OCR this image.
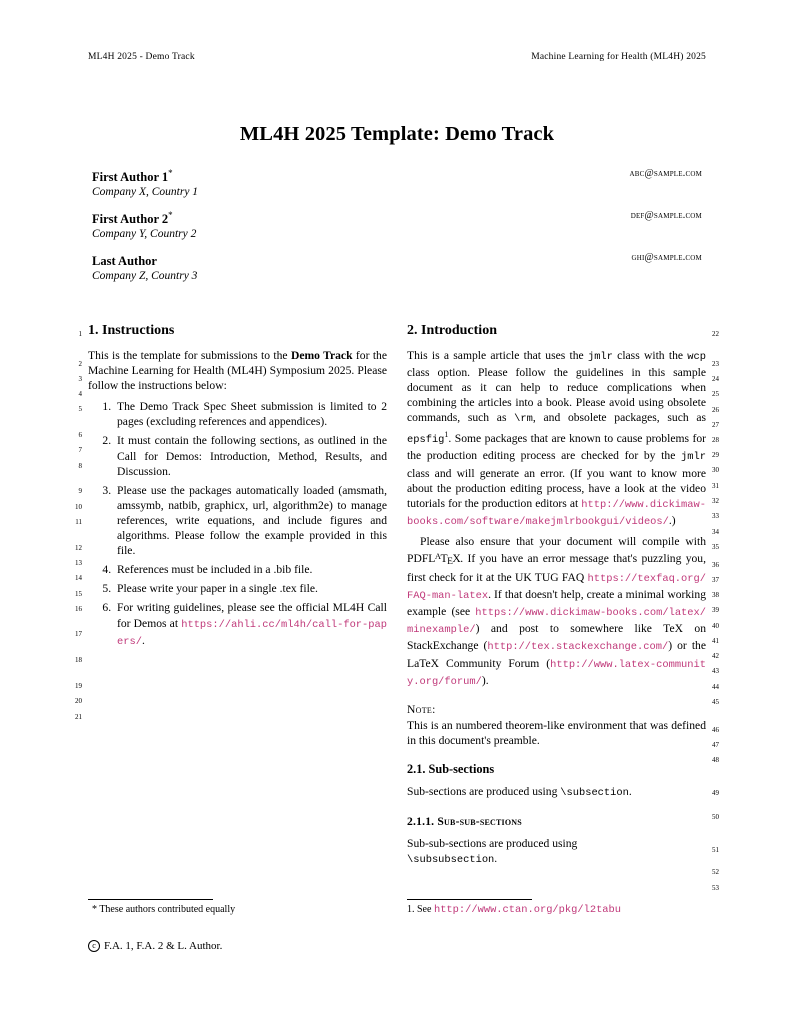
ML4H 2025 - Demo Track	Machine Learning for Health (ML4H) 2025
ML4H 2025 Template: Demo Track
First Author 1*
Company X, Country 1
abc@sample.com
First Author 2*
Company Y, Country 2
def@sample.com
Last Author
Company Z, Country 3
ghi@sample.com
1. Instructions

This is the template for submissions to the Demo Track for the Machine Learning for Health (ML4H) Symposium 2025. Please follow the instructions below:

1. The Demo Track Spec Sheet submission is limited to 2 pages (excluding references and appendices).
2. It must contain the following sections, as outlined in the Call for Demos: Introduction, Method, Results, and Discussion.
3. Please use the packages automatically loaded (amsmath, amssymb, natbib, graphicx, url, algorithm2e) to manage references, write equations, and include figures and algorithms. Please follow the example provided in this file.
4. References must be included in a .bib file.
5. Please write your paper in a single .tex file.
6. For writing guidelines, please see the official ML4H Call for Demos at https://ahli.cc/ml4h/call-for-papers/.
2. Introduction

This is a sample article that uses the jmlr class with the wcp class option. Please follow the guidelines in this sample document as it can help to reduce complications when combining the articles into a book. Please avoid using obsolete commands, such as \rm, and obsolete packages, such as epsfig$^1$. Some packages that are known to cause problems for the production editing process are checked for by the jmlr class and will generate an error. (If you want to know more about the production editing process, have a look at the video tutorials for the production editors at http://www.dickimaw-books.com/software/makejmlrbookgui/videos/.)

Please also ensure that your document will compile with $PDFL^AT_EX$. If you have an error message that's puzzling you, first check for it at the UK TUG FAQ https://texfaq.org/FAQ-man-latex. If that doesn't help, create a minimal working example (see https://www.dickimaw-books.com/latex/minexample/) and post to somewhere like TeX on StackExchange (http://tex.stackexchange.com/) or the LaTeX Community Forum (http://www.latex-community.org/forum/).

Note:

This is an numbered theorem-like environment that was defined in this document's preamble.

2.1. Sub-sections

Sub-sections are produced using \subsection.

2.1.1. Sub-sub-sections

Sub-sub-sections are produced using
\subsubsection.

1
2
3
4
5
6
7
8
9
10
11
12
13
14
15
16
17
18
19
20
21
22
23
24
25
26
27
28
29
30
31
32
33
34
35
36
37
38
39
40
41
42
43
44
45
46
47
48
49
50
51
52
53
* These authors contributed equally	1. See http://www.ctan.org/pkg/l2tabu
c F.A. 1, F.A. 2 & L. Author.
